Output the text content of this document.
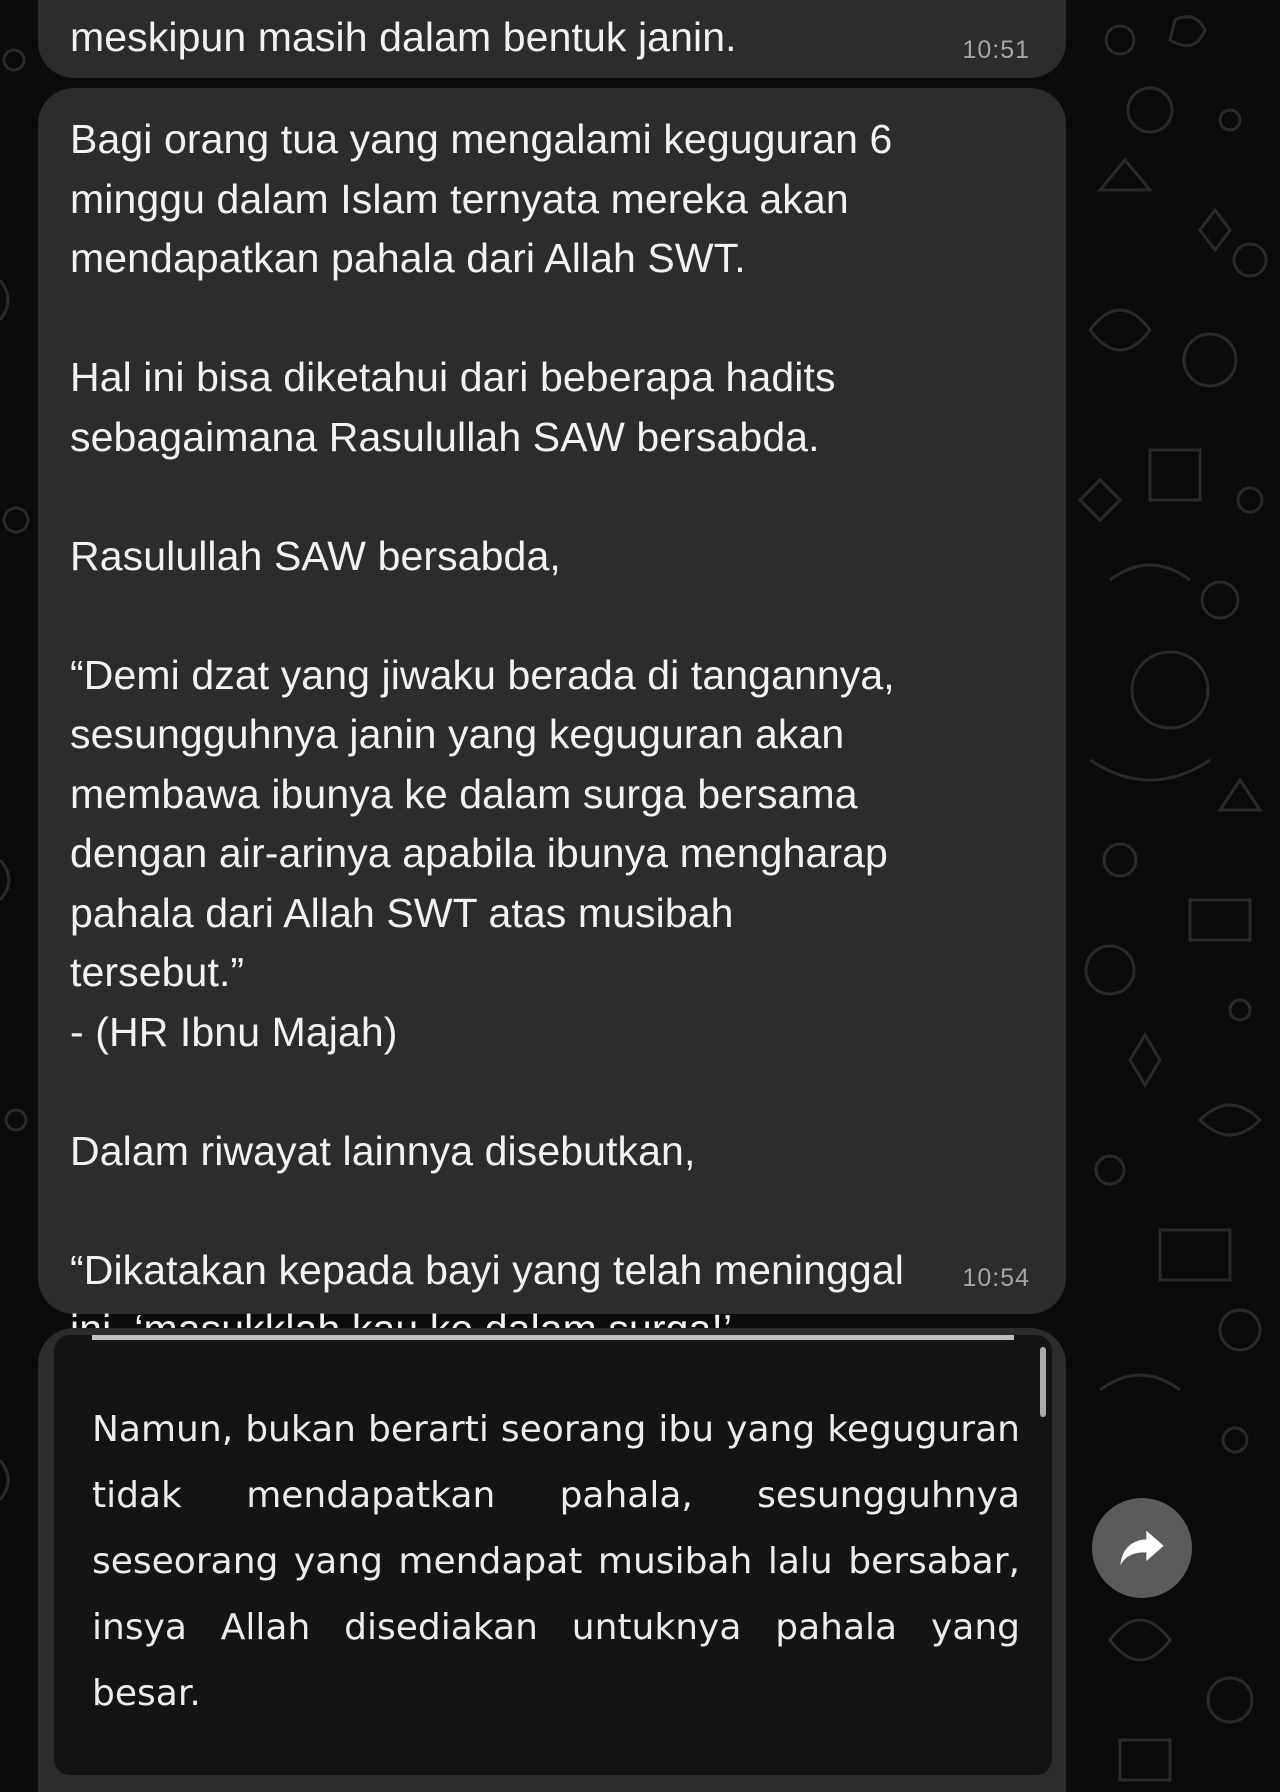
meskipun masih dalam bentuk janin.	10:51
Bagi orang tua yang mengalami keguguran 6
minggu dalam Islam ternyata mereka akan
mendapatkan pahala dari Allah SWT.

Hal ini bisa diketahui dari beberapa hadits
sebagaimana Rasulullah SAW bersabda.

Rasulullah SAW bersabda,

“Demi dzat yang jiwaku berada di tangannya,
sesungguhnya janin yang keguguran akan
membawa ibunya ke dalam surga bersama
dengan air-arinya apabila ibunya mengharap
pahala dari Allah SWT atas musibah tersebut.”
- (HR Ibnu Majah)

Dalam riwayat lainnya disebutkan,

“Dikatakan kepada bayi yang telah meninggal	10:54
Namun, bukan berarti seorang ibu yang keguguran tidak mendapatkan pahala, sesungguhnya seseorang yang mendapat musibah lalu bersabar, insya Allah disediakan untuknya pahala yang besar.
